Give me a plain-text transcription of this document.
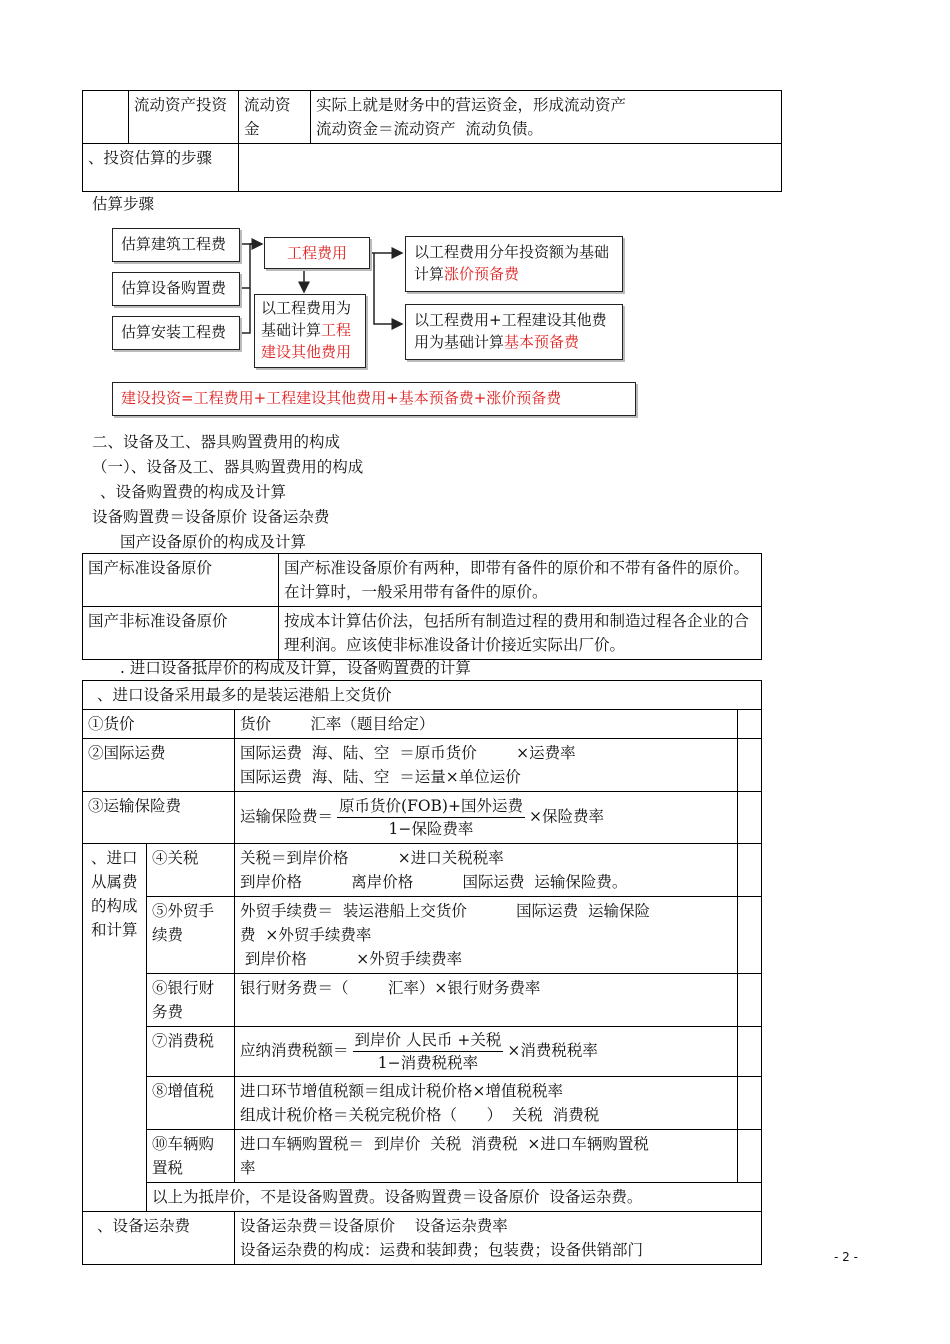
	流动资产投资	流动资金	实际上就是财务中的营运资金，形成流动资产
流动资金＝流动资产  流动负债。

、投资估算的步骤			
估算步骤
估算建筑工程费
估算设备购置费
估算安装工程费
工程费用
以工程费用为基础计算工程建设其他费用
以工程费用分年投资额为基础计算涨价预备费
以工程费用+工程建设其他费用为基础计算基本预备费
建设投资=工程费用+工程建设其他费用+基本预备费+涨价预备费
二、设备及工、器具购置费用的构成
（一）、设备及工、器具购置费用的构成
、设备购置费的构成及计算
设备购置费＝设备原价 设备运杂费
国产设备原价的构成及计算
国产标准设备原价	国产标准设备原价有两种，即带有备件的原价和不带有备件的原价。在计算时，一般采用带有备件的原价。
国产非标准设备原价	按成本计算估价法，包括所有制造过程的费用和制造过程各企业的合理利润。应该使非标准设备计价接近实际出厂价。
. 进口设备抵岸价的构成及计算，设备购置费的计算
、进口设备采用最多的是装运港船上交货价			
①货价		货价        汇率（题目给定）	
②国际运费		国际运费  海、陆、空  ＝原币货价        ×运费率
国际运费  海、陆、空  ＝运量×单位运价	

③运输保险费		运输保险费＝ $\frac{\text{原币货价(FOB)+国外运费}}{\text{1−保险费率}}$ ×保险费率	
、进口从属费的构成和计算	④关税	关税＝到岸价格          ×进口关税税率
到岸价格          离岸价格          国际运费  运输保险费。	

	⑤外贸手续费	外贸手续费＝  装运港船上交货价          国际运费  运输保险
费  ×外贸手续费率
到岸价格          ×外贸手续费率	

	⑥银行财务费	银行财务费＝（        汇率）×银行财务费率	
	⑦消费税	应纳消费税额＝ $\frac{\text{到岸价 人民币 +关税}}{\text{1−消费税税率}}$ ×消费税税率	
	⑧增值税	进口环节增值税额＝组成计税价格×增值税税率
组成计税价格＝关税完税价格（      ）  关税  消费税	

	⑩车辆购置税	进口车辆购置税＝  到岸价  关税  消费税  ×进口车辆购置税
率	

	以上为抵岸价，不是设备购置费。设备购置费＝设备原价  设备运杂费。		
、设备运杂费		设备运杂费＝设备原价    设备运杂费率
设备运杂费的构成：运费和装卸费；包装费；设备供销部门		- 2 -
